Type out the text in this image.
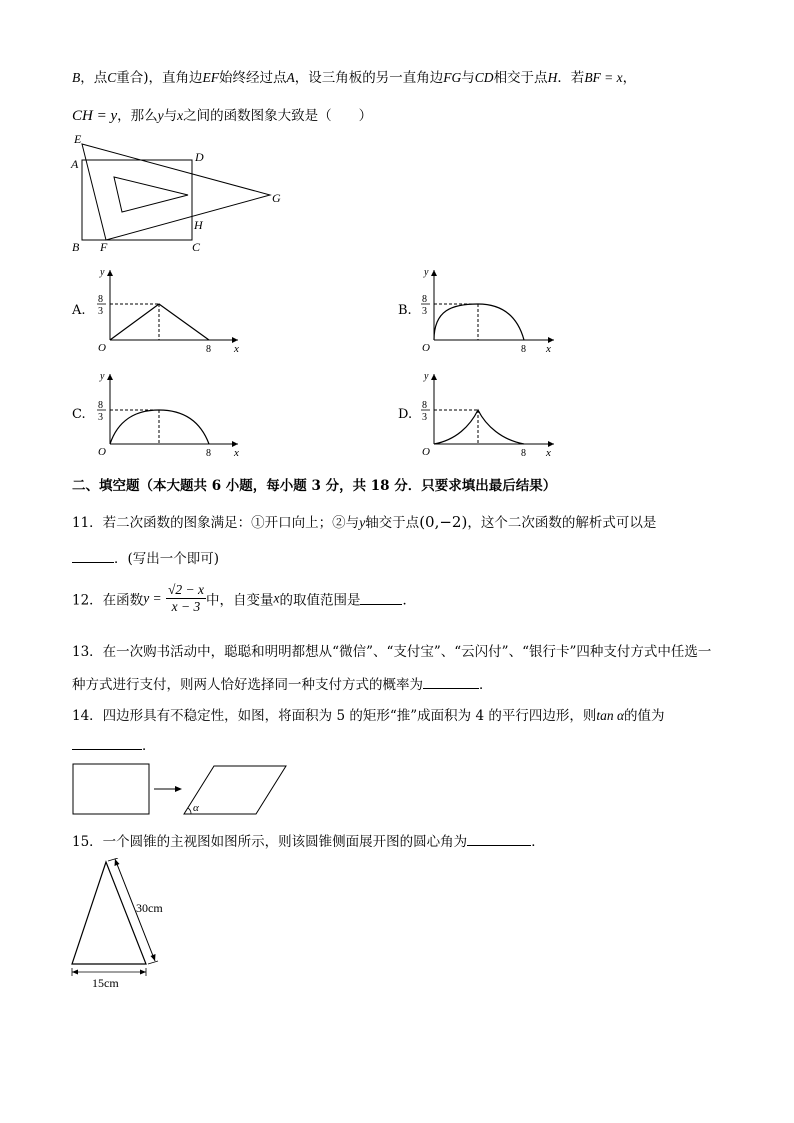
B，点C重合)，直角边EF始终经过点A，设三角板的另一直角边FG与CD相交于点H．若BF = x，
CH = y，那么y与x之间的函数图象大致是（　　）
E
A	D
G
H
B F	C
A.
y
x
O	8
8
3	B.
y
x
O	8
8
3
C.
y
x
O	8
8
3	D.
y
x
O	8
8
3
二、填空题（本大题共 6 小题，每小题 3 分，共 18 分．只要求填出最后结果）
11．若二次函数的图象满足：①开口向上；②与y轴交于点(0,−2)，这个二次函数的解析式可以是
．(写出一个即可)
12．在函数$y = \frac{√2 - x}{x - 3}$ 中，自变量x的取值范围是	．
13．在一次购书活动中，聪聪和明明都想从“微信”、“支付宝”、“云闪付”、“银行卡”四种支付方式中任选一
种方式进行支付，则两人恰好选择同一种支付方式的概率为	．
14．四边形具有不稳定性，如图，将面积为 5 的矩形“推”成面积为 4 的平行四边形，则tan α的值为
．
α
15．一个圆锥的主视图如图所示，则该圆锥侧面展开图的圆心角为	．
30cm
15cm
